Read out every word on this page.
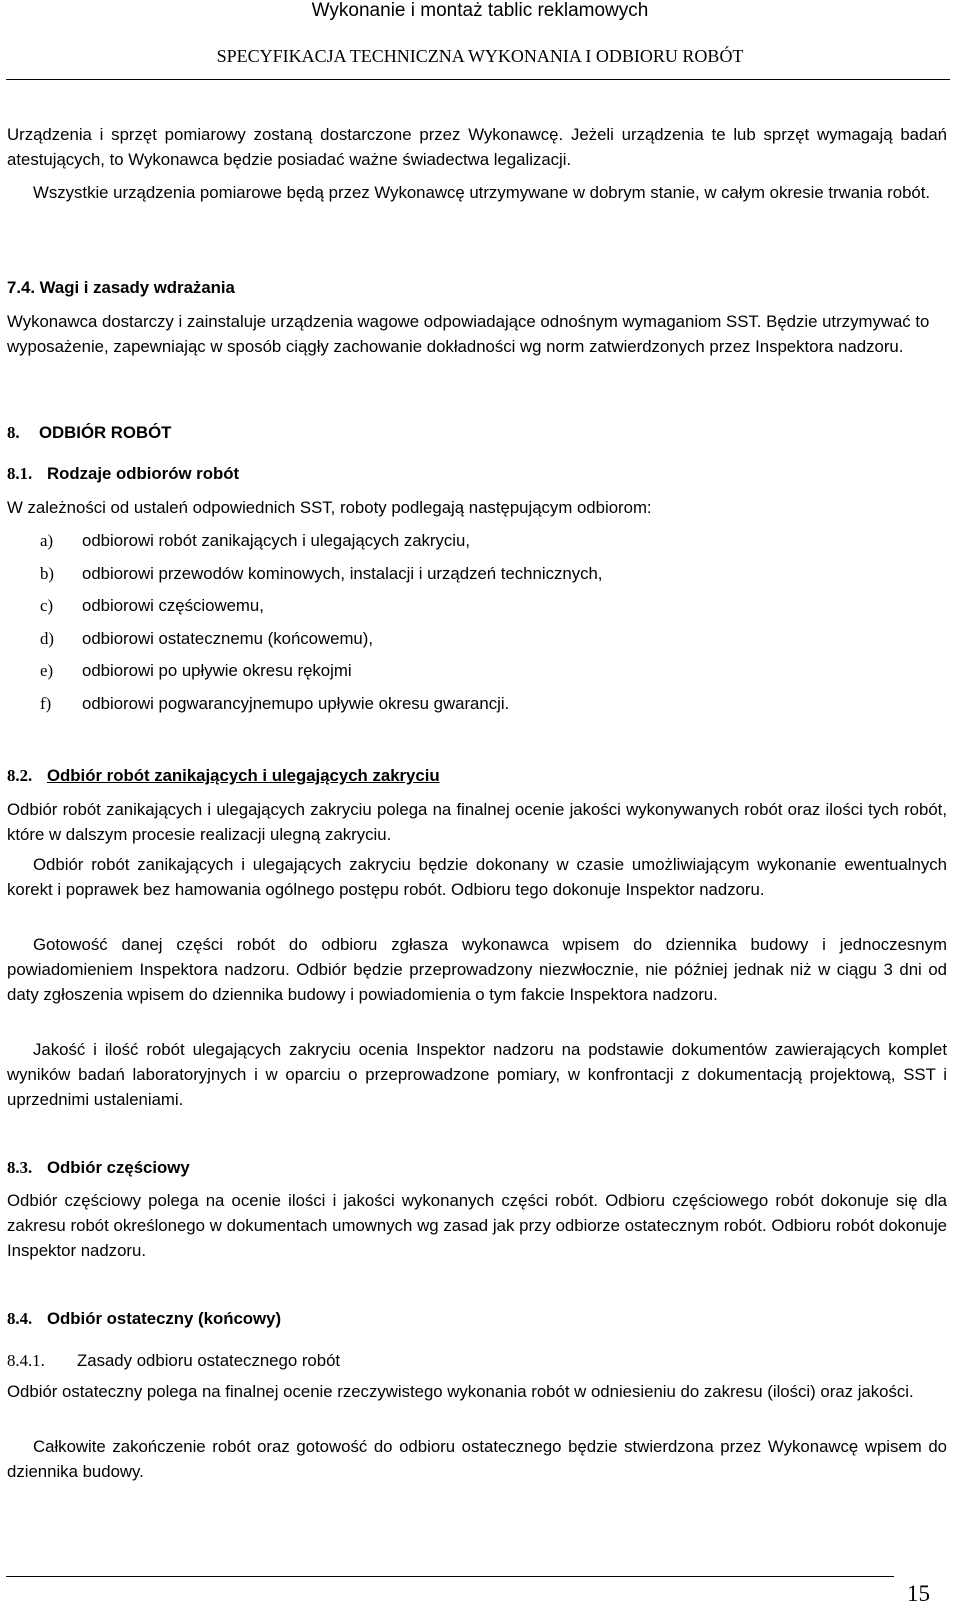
Wykonanie i montaż tablic reklamowych
SPECYFIKACJA TECHNICZNA WYKONANIA I ODBIORU ROBÓT
Urządzenia i sprzęt pomiarowy zostaną dostarczone przez Wykonawcę. Jeżeli urządzenia te lub sprzęt wymagają badań atestujących, to Wykonawca będzie posiadać ważne świadectwa legalizacji.
Wszystkie urządzenia pomiarowe będą przez Wykonawcę utrzymywane w dobrym stanie, w całym okresie trwania robót.
7.4. Wagi i zasady wdrażania
Wykonawca dostarczy i zainstaluje urządzenia wagowe odpowiadające odnośnym wymaganiom SST. Będzie utrzymywać to wyposażenie, zapewniając w sposób ciągły zachowanie dokładności wg norm zatwierdzonych przez Inspektora nadzoru.
8. ODBIÓR ROBÓT
8.1. Rodzaje odbiorów robót
W zależności od ustaleń odpowiednich SST, roboty podlegają następującym odbiorom:
a) odbiorowi robót zanikających i ulegających zakryciu,
b) odbiorowi przewodów kominowych, instalacji i urządzeń technicznych,
c) odbiorowi częściowemu,
d) odbiorowi ostatecznemu (końcowemu),
e) odbiorowi po upływie okresu rękojmi
f) odbiorowi pogwarancyjnemupo upływie okresu gwarancji.
8.2. Odbiór robót zanikających i ulegających zakryciu
Odbiór robót zanikających i ulegających zakryciu polega na finalnej ocenie jakości wykonywanych robót oraz ilości tych robót, które w dalszym procesie realizacji ulegną zakryciu.
Odbiór robót zanikających i ulegających zakryciu będzie dokonany w czasie umożliwiającym wykonanie ewentualnych korekt i poprawek bez hamowania ogólnego postępu robót. Odbioru tego dokonuje Inspektor nadzoru.
Gotowość danej części robót do odbioru zgłasza wykonawca wpisem do dziennika budowy i jednoczesnym powiadomieniem Inspektora nadzoru. Odbiór będzie przeprowadzony niezwłocznie, nie później jednak niż w ciągu 3 dni od daty zgłoszenia wpisem do dziennika budowy i powiadomienia o tym fakcie Inspektora nadzoru.
Jakość i ilość robót ulegających zakryciu ocenia Inspektor nadzoru na podstawie dokumentów zawierających komplet wyników badań laboratoryjnych i w oparciu o przeprowadzone pomiary, w konfrontacji z dokumentacją projektową, SST i uprzednimi ustaleniami.
8.3. Odbiór częściowy
Odbiór częściowy polega na ocenie ilości i jakości wykonanych części robót. Odbioru częściowego robót dokonuje się dla zakresu robót określonego w dokumentach umownych wg zasad jak przy odbiorze ostatecznym robót. Odbioru robót dokonuje Inspektor nadzoru.
8.4. Odbiór ostateczny (końcowy)
8.4.1. Zasady odbioru ostatecznego robót
Odbiór ostateczny polega na finalnej ocenie rzeczywistego wykonania robót w odniesieniu do zakresu (ilości) oraz jakości.
Całkowite zakończenie robót oraz gotowość do odbioru ostatecznego będzie stwierdzona przez Wykonawcę wpisem do dziennika budowy.
15
